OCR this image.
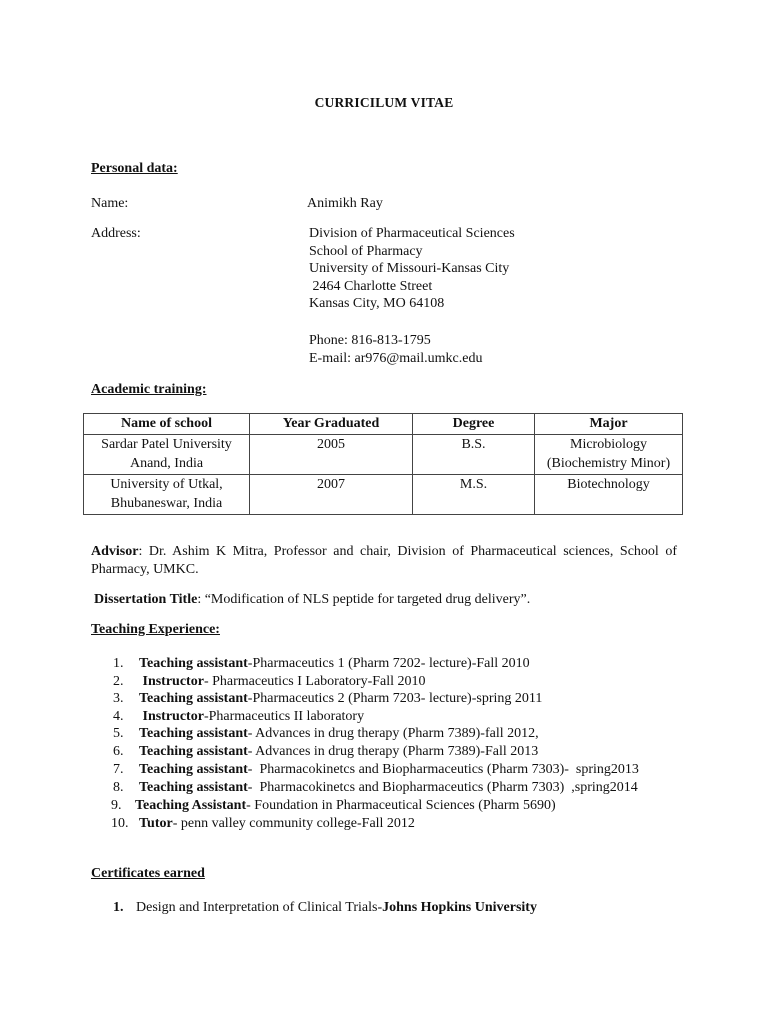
CURRICILUM VITAE
Personal data:
Name:	Animikh Ray
Address:	Division of Pharmaceutical Sciences
School of Pharmacy
University of Missouri-Kansas City
2464 Charlotte Street
Kansas City, MO 64108
Phone: 816-813-1795
E-mail: ar976@mail.umkc.edu
Academic training:
Name of school	Year Graduated	Degree	Major
Sardar Patel University
Anand, India	2005	B.S.	Microbiology
(Biochemistry Minor)
University of Utkal,
Bhubaneswar, India	2007	M.S.	Biotechnology
Advisor: Dr. Ashim K Mitra, Professor and chair, Division of Pharmaceutical sciences, School of Pharmacy, UMKC.
Dissertation Title: “Modification of NLS peptide for targeted drug delivery”.
Teaching Experience:
1. Teaching assistant-Pharmaceutics 1 (Pharm 7202- lecture)-Fall 2010
2. Instructor- Pharmaceutics I Laboratory-Fall 2010
3. Teaching assistant-Pharmaceutics 2 (Pharm 7203- lecture)-spring 2011
4. Instructor-Pharmaceutics II laboratory
5. Teaching assistant- Advances in drug therapy (Pharm 7389)-fall 2012,
6. Teaching assistant- Advances in drug therapy (Pharm 7389)-Fall 2013
7. Teaching assistant-  Pharmacokinetcs and Biopharmaceutics (Pharm 7303)-  spring2013
8. Teaching assistant-  Pharmacokinetcs and Biopharmaceutics (Pharm 7303)  ,spring2014
9. Teaching Assistant- Foundation in Pharmaceutical Sciences (Pharm 5690)
10. Tutor- penn valley community college-Fall 2012
Certificates earned
1. Design and Interpretation of Clinical Trials-Johns Hopkins University
